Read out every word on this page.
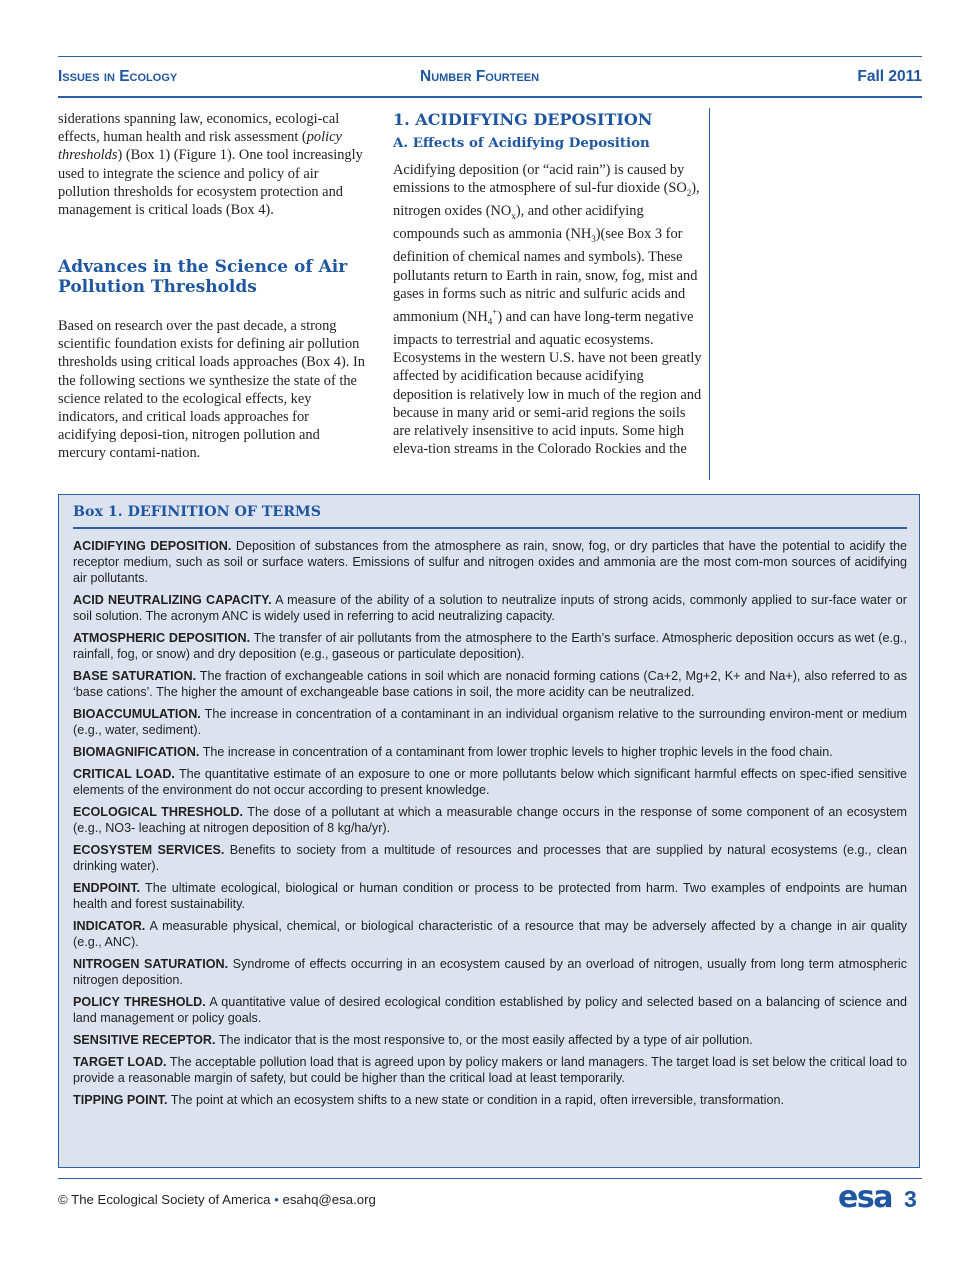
Issues in Ecology	Number Fourteen	Fall 2011

siderations spanning law, economics, ecologi-cal effects, human health and risk assessment (policy thresholds) (Box 1) (Figure 1). One tool increasingly used to integrate the science and policy of air pollution thresholds for ecosystem protection and management is critical loads (Box 4).

Advances in the Science of Air Pollution Thresholds

Based on research over the past decade, a strong scientific foundation exists for defining air pollution thresholds using critical loads approaches (Box 4). In the following sections we synthesize the state of the science related to the ecological effects, key indicators, and critical loads approaches for acidifying deposi-tion, nitrogen pollution and mercury contami-nation.

1. ACIDIFYING DEPOSITION
A. Effects of Acidifying Deposition

Acidifying deposition (or “acid rain”) is caused by emissions to the atmosphere of sul-fur dioxide $(SO_2)$, nitrogen oxides $(NO_x)$, and other acidifying compounds such as ammonia $(NH_3)(see$ Box 3 for definition of chemical names and symbols). These pollutants return to Earth in rain, snow, fog, mist and gases in forms such as nitric and sulfuric acids and ammonium $(NH_4^+)$ and can have long-term negative impacts to terrestrial and aquatic ecosystems. Ecosystems in the western U.S. have not been greatly affected by acidification because acidifying deposition is relatively low in much of the region and because in many arid or semi-arid regions the soils are relatively insensitive to acid inputs. Some high eleva-tion streams in the Colorado Rockies and the

Box 1. DEFINITION OF TERMS

ACIDIFYING DEPOSITION. Deposition of substances from the atmosphere as rain, snow, fog, or dry particles that have the potential to acidify the receptor medium, such as soil or surface waters. Emissions of sulfur and nitrogen oxides and ammonia are the most com-mon sources of acidifying air pollutants.

ACID NEUTRALIZING CAPACITY. A measure of the ability of a solution to neutralize inputs of strong acids, commonly applied to sur-face water or soil solution. The acronym ANC is widely used in referring to acid neutralizing capacity.

ATMOSPHERIC DEPOSITION. The transfer of air pollutants from the atmosphere to the Earth’s surface. Atmospheric deposition occurs as wet (e.g., rainfall, fog, or snow) and dry deposition (e.g., gaseous or particulate deposition).

BASE SATURATION. The fraction of exchangeable cations in soil which are nonacid forming cations (Ca+2, Mg+2, K+ and Na+), also referred to as ‘base cations’. The higher the amount of exchangeable base cations in soil, the more acidity can be neutralized.

BIOACCUMULATION. The increase in concentration of a contaminant in an individual organism relative to the surrounding environ-ment or medium (e.g., water, sediment).

BIOMAGNIFICATION. The increase in concentration of a contaminant from lower trophic levels to higher trophic levels in the food chain.

CRITICAL LOAD. The quantitative estimate of an exposure to one or more pollutants below which significant harmful effects on spec-ified sensitive elements of the environment do not occur according to present knowledge.

ECOLOGICAL THRESHOLD. The dose of a pollutant at which a measurable change occurs in the response of some component of an ecosystem (e.g., NO3- leaching at nitrogen deposition of 8 kg/ha/yr).

ECOSYSTEM SERVICES. Benefits to society from a multitude of resources and processes that are supplied by natural ecosystems (e.g., clean drinking water).

ENDPOINT. The ultimate ecological, biological or human condition or process to be protected from harm. Two examples of endpoints are human health and forest sustainability.

INDICATOR. A measurable physical, chemical, or biological characteristic of a resource that may be adversely affected by a change in air quality (e.g., ANC).

NITROGEN SATURATION. Syndrome of effects occurring in an ecosystem caused by an overload of nitrogen, usually from long term atmospheric nitrogen deposition.

POLICY THRESHOLD. A quantitative value of desired ecological condition established by policy and selected based on a balancing of science and land management or policy goals.

SENSITIVE RECEPTOR. The indicator that is the most responsive to, or the most easily affected by a type of air pollution.

TARGET LOAD. The acceptable pollution load that is agreed upon by policy makers or land managers. The target load is set below the critical load to provide a reasonable margin of safety, but could be higher than the critical load at least temporarily.

TIPPING POINT. The point at which an ecosystem shifts to a new state or condition in a rapid, often irreversible, transformation.

© The Ecological Society of America • esahq@esa.org	esa 3
